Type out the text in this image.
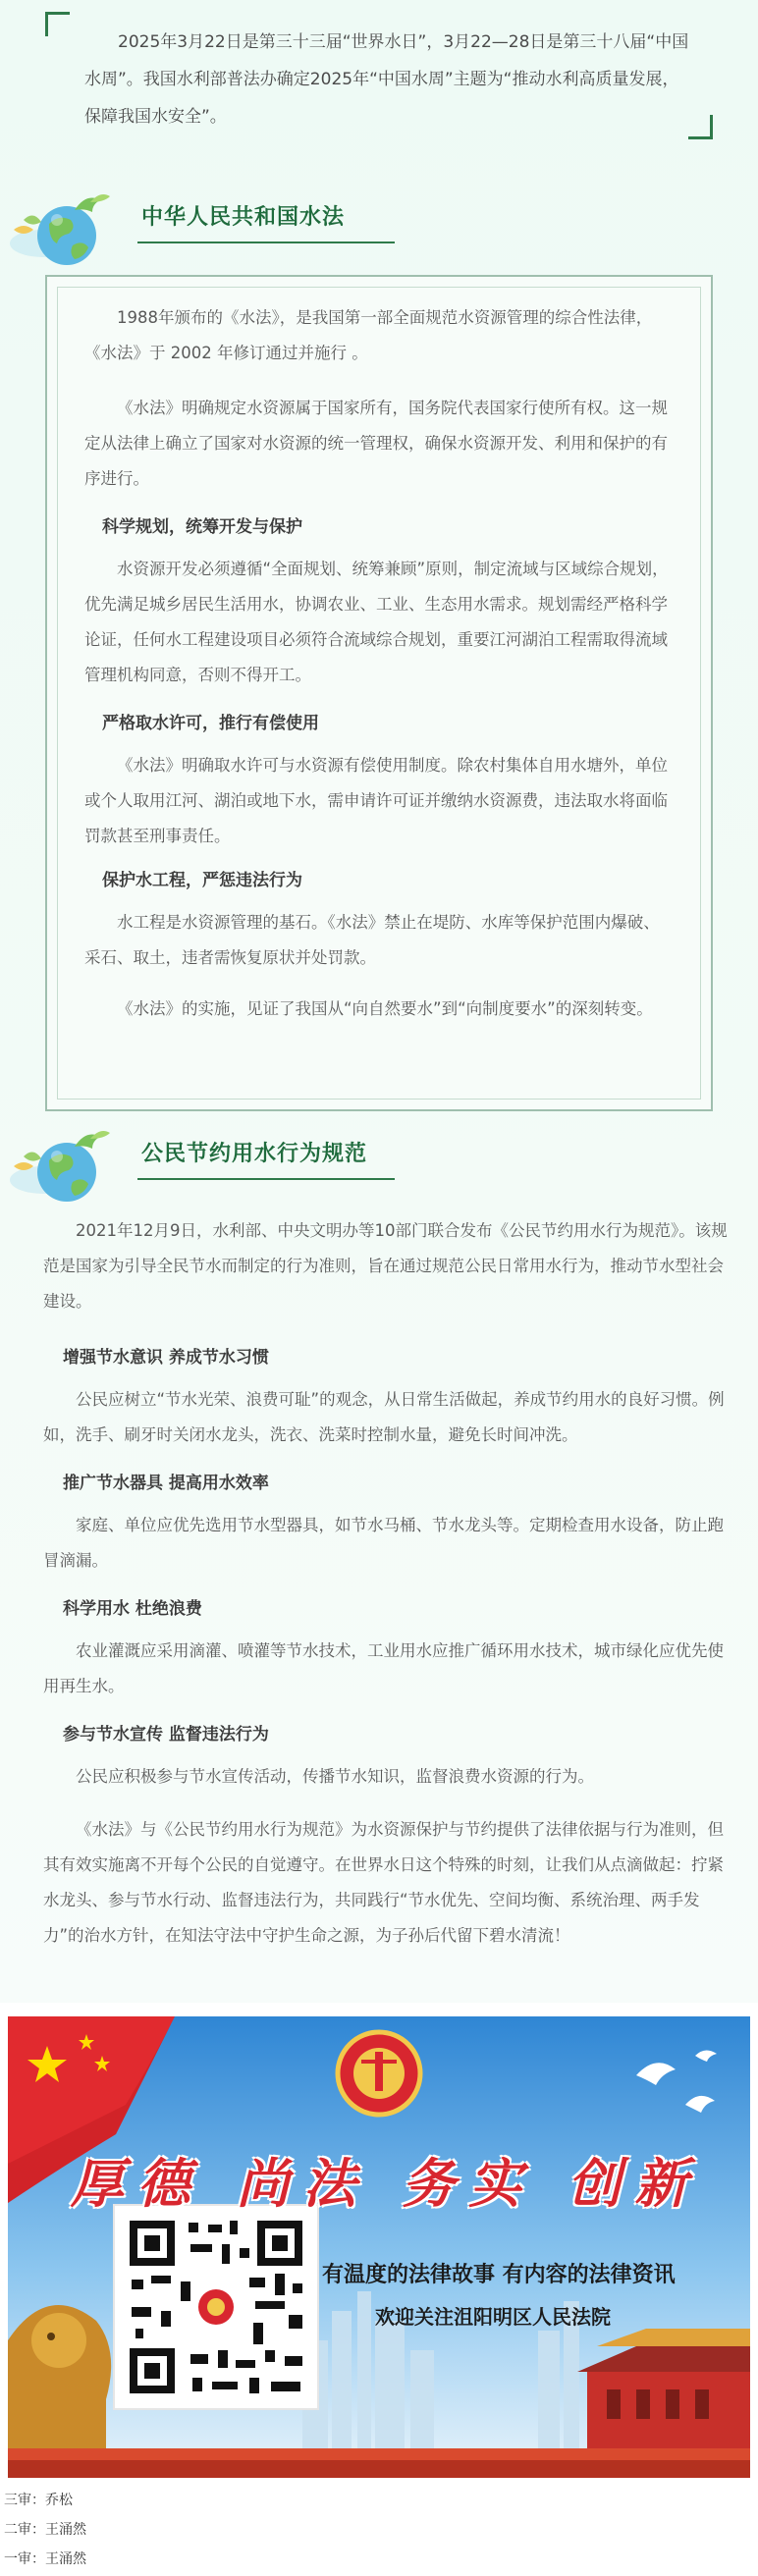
2025年3月22日是第三十三届“世界水日”，3月22—28日是第三十八届“中国水周”。我国水利部普法办确定2025年“中国水周”主题为“推动水利高质量发展，保障我国水安全”。

中华人民共和国水法

1988年颁布的《水法》，是我国第一部全面规范水资源管理的综合性法律，《水法》于 2002 年修订通过并施行 。

《水法》明确规定水资源属于国家所有，国务院代表国家行使所有权。这一规定从法律上确立了国家对水资源的统一管理权，确保水资源开发、利用和保护的有序进行。

科学规划，统筹开发与保护

水资源开发必须遵循“全面规划、统筹兼顾”原则，制定流域与区域综合规划，优先满足城乡居民生活用水，协调农业、工业、生态用水需求。规划需经严格科学论证，任何水工程建设项目必须符合流域综合规划，重要江河湖泊工程需取得流域管理机构同意，否则不得开工。

严格取水许可，推行有偿使用

《水法》明确取水许可与水资源有偿使用制度。除农村集体自用水塘外，单位或个人取用江河、湖泊或地下水，需申请许可证并缴纳水资源费，违法取水将面临罚款甚至刑事责任。

保护水工程，严惩违法行为

水工程是水资源管理的基石。《水法》禁止在堤防、水库等保护范围内爆破、采石、取土，违者需恢复原状并处罚款。

《水法》的实施，见证了我国从“向自然要水”到“向制度要水”的深刻转变。

公民节约用水行为规范

2021年12月9日，水利部、中央文明办等10部门联合发布《公民节约用水行为规范》。该规范是国家为引导全民节水而制定的行为准则，旨在通过规范公民日常用水行为，推动节水型社会建设。

增强节水意识 养成节水习惯

公民应树立“节水光荣、浪费可耻”的观念，从日常生活做起，养成节约用水的良好习惯。例如，洗手、刷牙时关闭水龙头，洗衣、洗菜时控制水量，避免长时间冲洗。

推广节水器具 提高用水效率

家庭、单位应优先选用节水型器具，如节水马桶、节水龙头等。定期检查用水设备，防止跑冒滴漏。

科学用水 杜绝浪费

农业灌溉应采用滴灌、喷灌等节水技术，工业用水应推广循环用水技术，城市绿化应优先使用再生水。

参与节水宣传 监督违法行为

公民应积极参与节水宣传活动，传播节水知识，监督浪费水资源的行为。

《水法》与《公民节约用水行为规范》为水资源保护与节约提供了法律依据与行为准则，但其有效实施离不开每个公民的自觉遵守。在世界水日这个特殊的时刻，让我们从点滴做起：拧紧水龙头、参与节水行动、监督违法行为，共同践行“节水优先、空间均衡、系统治理、两手发力”的治水方针，在知法守法中守护生命之源，为子孙后代留下碧水清流！

厚德 尚法 务实 创新
有温度的法律故事 有内容的法律资讯
欢迎关注沮阳明区人民法院
三审：乔松
二审：王涌然
一审：王涌然
